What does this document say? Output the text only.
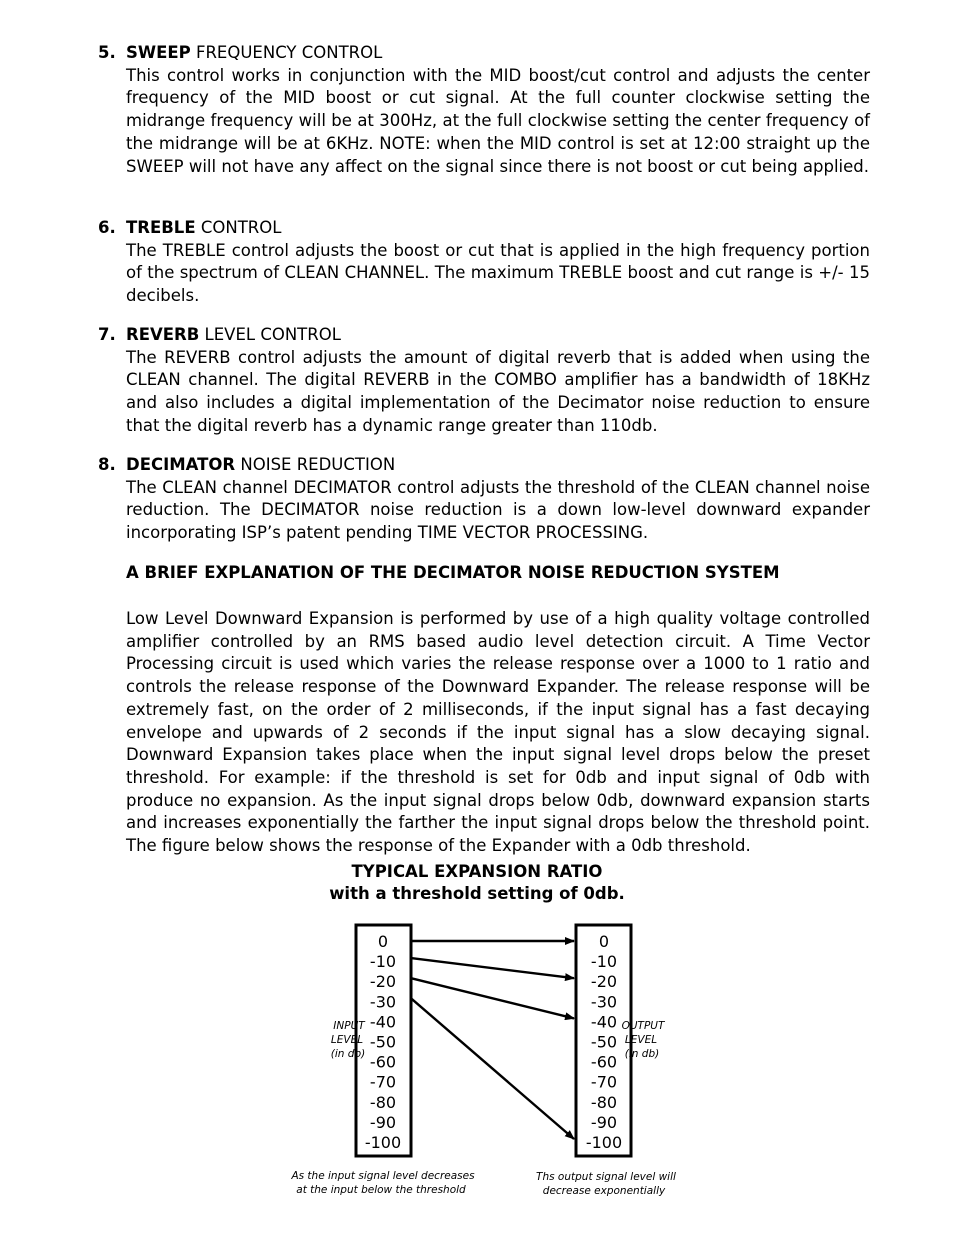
5. SWEEP FREQUENCY CONTROL
This control works in conjunction with the MID boost/cut control and adjusts the center frequency of the MID boost or cut signal. At the full counter clockwise setting the midrange frequency will be at 300Hz, at the full clockwise setting the center frequency of the midrange will be at 6KHz. NOTE: when the MID control is set at 12:00 straight up the SWEEP will not have any affect on the signal since there is not boost or cut being applied.
6. TREBLE CONTROL
The TREBLE control adjusts the boost or cut that is applied in the high frequency portion of the spectrum of CLEAN CHANNEL. The maximum TREBLE boost and cut range is +/- 15 decibels.
7. REVERB LEVEL CONTROL
The REVERB control adjusts the amount of digital reverb that is added when using the CLEAN channel. The digital REVERB in the COMBO amplifier has a bandwidth of 18KHz and also includes a digital implementation of the Decimator noise reduction to ensure that the digital reverb has a dynamic range greater than 110db.
8. DECIMATOR NOISE REDUCTION
The CLEAN channel DECIMATOR control adjusts the threshold of the CLEAN channel noise reduction. The DECIMATOR noise reduction is a down low-level downward expander incorporating ISP’s patent pending TIME VECTOR PROCESSING.
A BRIEF EXPLANATION OF THE DECIMATOR NOISE REDUCTION SYSTEM
Low Level Downward Expansion is performed by use of a high quality voltage controlled amplifier controlled by an RMS based audio level detection circuit. A Time Vector Processing circuit is used which varies the release response over a 1000 to 1 ratio and controls the release response of the Downward Expander. The release response will be extremely fast, on the order of 2 milliseconds, if the input signal has a fast decaying envelope and upwards of 2 seconds if the input signal has a slow decaying signal. Downward Expansion takes place when the input signal level drops below the preset threshold. For example: if the threshold is set for 0db and input signal of 0db with produce no expansion. As the input signal drops below 0db, downward expansion starts and increases exponentially the farther the input signal drops below the threshold point. The figure below shows the response of the Expander with a 0db threshold.
TYPICAL EXPANSION RATIO
with a threshold setting of 0db.
0
-10
-20
-30
-40
-50
-60
-70
-80
-90
-100
0
-10
-20
-30
-40
-50
-60
-70
-80
-90
-100
INPUT
LEVEL
(in db)
OUTPUT
LEVEL
(in db)
As the input signal level decreases
at the input below the threshold
Ths output signal level will
decrease exponentially
